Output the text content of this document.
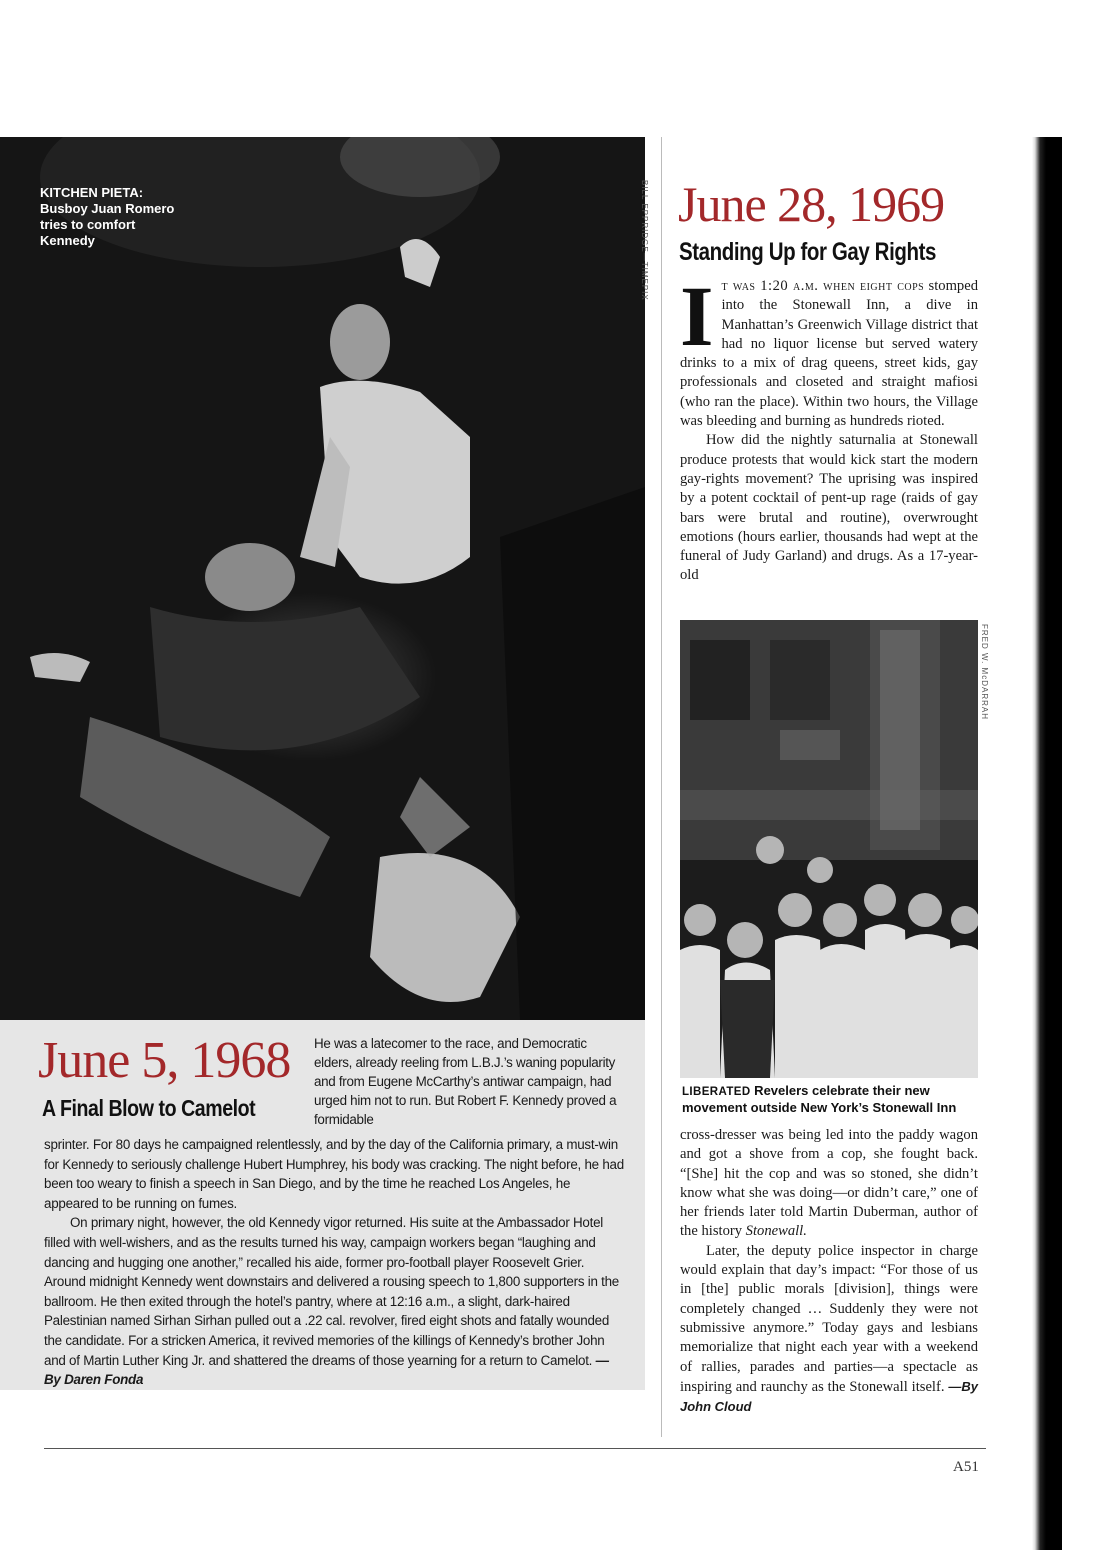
KITCHEN PIETA: Busboy Juan Romero tries to comfort Kennedy	BILL EPPRIDGE—TIMEPIX
June 5, 1968
A Final Blow to Camelot
He was a latecomer to the race, and Democratic elders, already reeling from L.B.J.’s waning popularity and from Eugene McCarthy’s antiwar campaign, had urged him not to run. But Robert F. Kennedy proved a formidable

sprinter. For 80 days he campaigned relentlessly, and by the day of the California primary, a must-win for Kennedy to seriously challenge Hubert Humphrey, his body was cracking. The night before, he had been too weary to finish a speech in San Diego, and by the time he reached Los Angeles, he appeared to be running on fumes.

On primary night, however, the old Kennedy vigor returned. His suite at the Ambassador Hotel filled with well-wishers, and as the results turned his way, campaign workers began “laughing and dancing and hugging one another,” recalled his aide, former pro-football player Roosevelt Grier. Around midnight Kennedy went downstairs and delivered a rousing speech to 1,800 supporters in the ballroom. He then exited through the hotel’s pantry, where at 12:16 a.m., a slight, dark-haired Palestinian named Sirhan Sirhan pulled out a .22 cal. revolver, fired eight shots and fatally wounded the candidate. For a stricken America, it revived memories of the killings of Kennedy’s brother John and of Martin Luther King Jr. and shattered the dreams of those yearning for a return to Camelot. —By Daren Fonda

June 28, 1969
Standing Up for Gay Rights

It was 1:20 a.m. when eight cops stomped into the Stonewall Inn, a dive in Manhattan’s Greenwich Village district that had no liquor license but served watery drinks to a mix of drag queens, street kids, gay professionals and closeted and straight mafiosi (who ran the place). Within two hours, the Village was bleeding and burning as hundreds rioted.

How did the nightly saturnalia at Stonewall produce protests that would kick start the modern gay-rights movement? The uprising was inspired by a potent cocktail of pent-up rage (raids of gay bars were brutal and routine), overwrought emotions (hours earlier, thousands had wept at the funeral of Judy Garland) and drugs. As a 17-year-old

FRED W. McDARRAH
LIBERATED Revelers celebrate their new movement outside New York’s Stonewall Inn

cross-dresser was being led into the paddy wagon and got a shove from a cop, she fought back. “[She] hit the cop and was so stoned, she didn’t know what she was doing—or didn’t care,” one of her friends later told Martin Duberman, author of the history Stonewall.

Later, the deputy police inspector in charge would explain that day’s impact: “For those of us in [the] public morals [division], things were completely changed … Suddenly they were not submissive anymore.” Today gays and lesbians memorialize that night each year with a weekend of rallies, parades and parties—a spectacle as inspiring and raunchy as the Stonewall itself. —By John Cloud

A51
